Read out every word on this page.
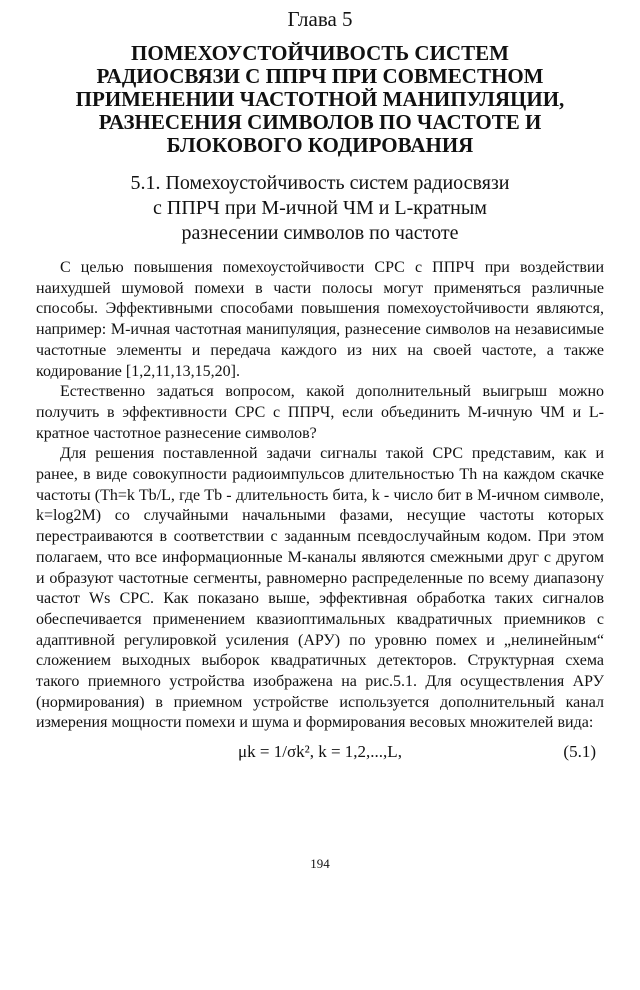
Глава 5
ПОМЕХОУСТОЙЧИВОСТЬ СИСТЕМ
РАДИОСВЯЗИ С ППРЧ ПРИ СОВМЕСТНОМ
ПРИМЕНЕНИИ ЧАСТОТНОЙ МАНИПУЛЯЦИИ,
РАЗНЕСЕНИЯ СИМВОЛОВ ПО ЧАСТОТЕ И
БЛОКОВОГО КОДИРОВАНИЯ
5.1. Помехоустойчивость систем радиосвязи
с ППРЧ при M-ичной ЧМ и L-кратным
разнесении символов по частоте

С целью повышения помехоустойчивости СРС с ППРЧ при воздействии наихудшей шумовой помехи в части полосы могут применяться различные способы. Эффективными способами повышения помехоустойчивости являются, например: M-ичная частотная манипуляция, разнесение символов на независимые частотные элементы и передача каждого из них на своей частоте, а также кодирование [1,2,11,13,15,20].

Естественно задаться вопросом, какой дополнительный выигрыш можно получить в эффективности СРС с ППРЧ, если объединить M-ичную ЧМ и L-кратное частотное разнесение символов?

Для решения поставленной задачи сигналы такой СРС представим, как и ранее, в виде совокупности радиоимпульсов длительностью Th на каждом скачке частоты (Th=k Tb/L, где Tb - длительность бита, k - число бит в M-ичном символе, k=log2M) со случайными начальными фазами, несущие частоты которых перестраиваются в соответствии с заданным псевдослучайным кодом. При этом полагаем, что все информационные M-каналы являются смежными друг с другом и образуют частотные сегменты, равномерно распределенные по всему диапазону частот Ws СРС. Как показано выше, эффективная обработка таких сигналов обеспечивается применением квазиоптимальных квадратичных приемников с адаптивной регулировкой усиления (АРУ) по уровню помех и „нелинейным“ сложением выходных выборок квадратичных детекторов. Структурная схема такого приемного устройства изображена на рис.5.1. Для осуществления АРУ (нормирования) в приемном устройстве используется дополнительный канал измерения мощности помехи и шума и формирования весовых множителей вида:

μk = 1/σk², k = 1,2,...,L,	(5.1)
194
